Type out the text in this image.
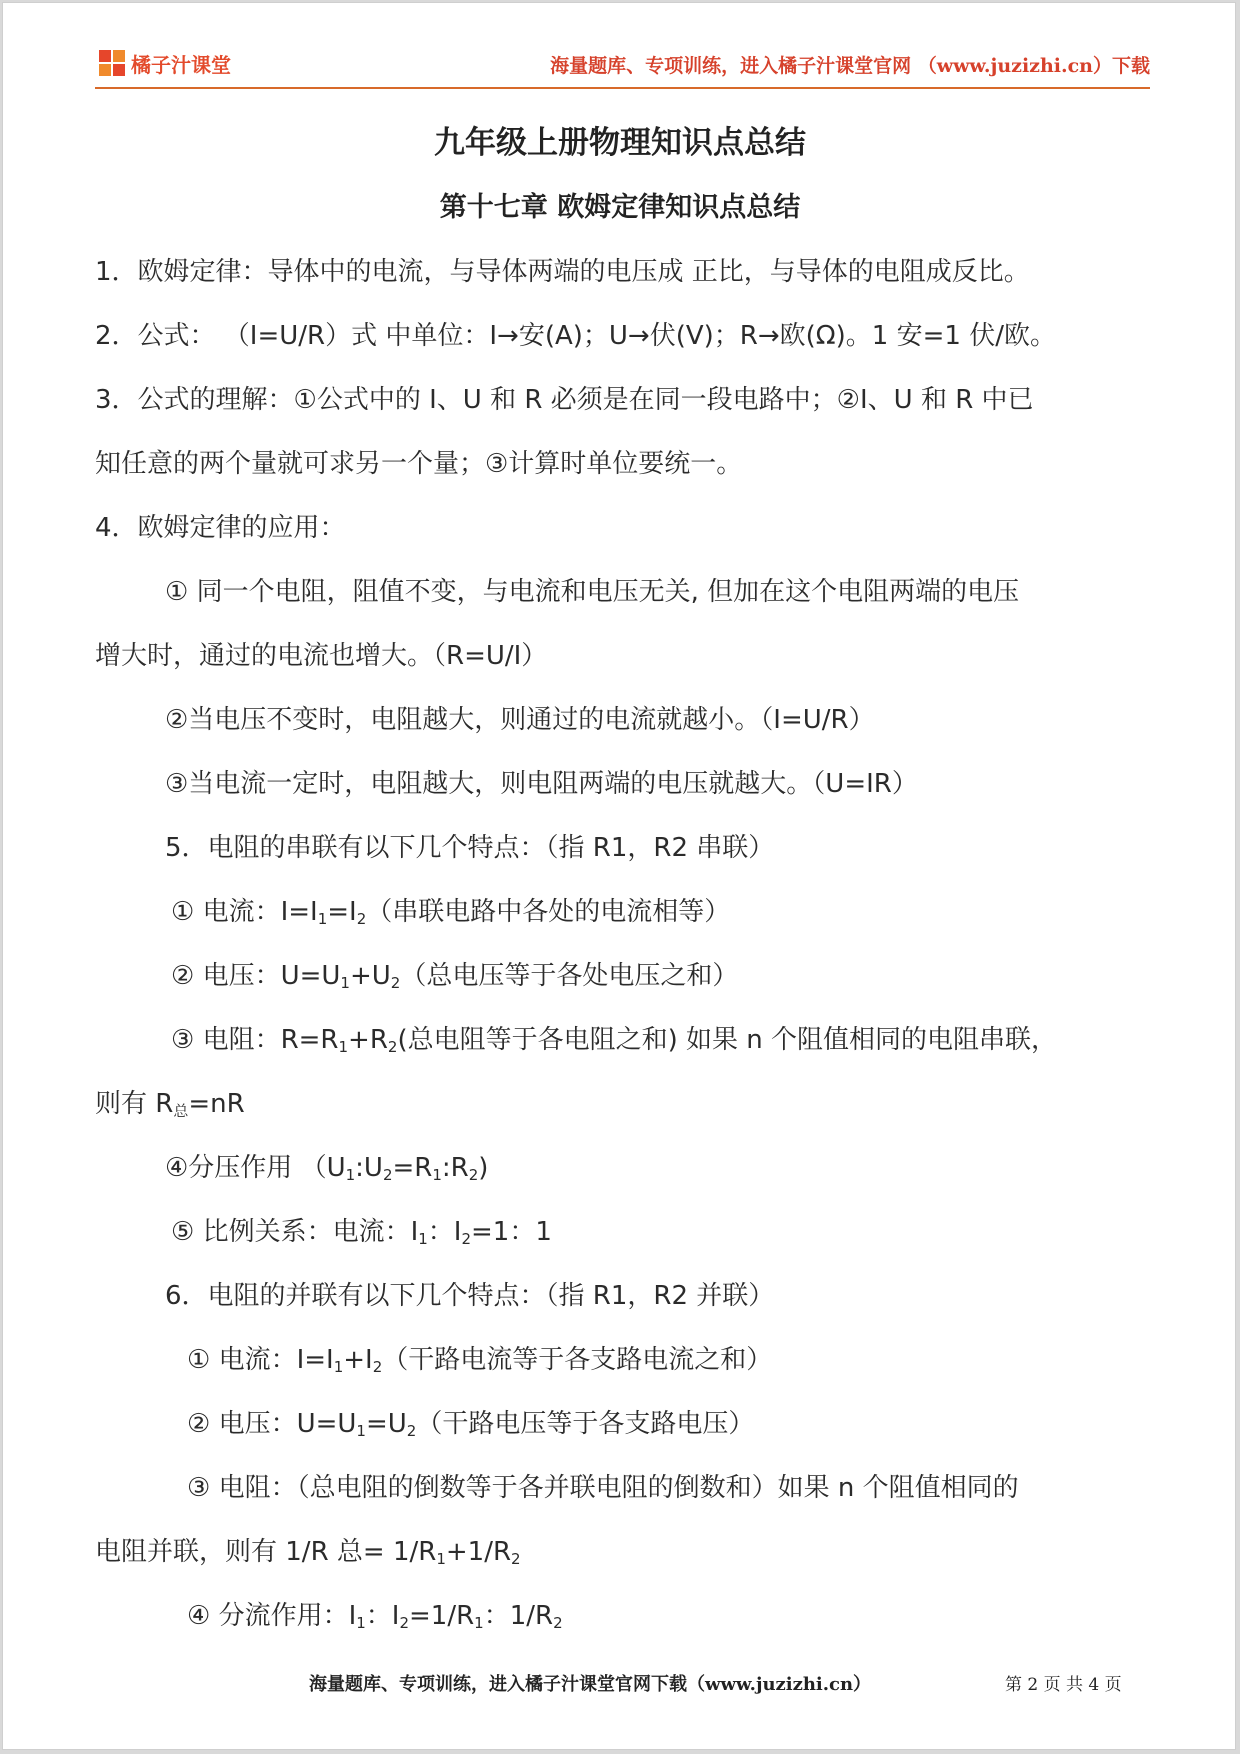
橘子汁课堂	海量题库、专项训练，进入橘子汁课堂官网 （www.juzizhi.cn）下载
九年级上册物理知识点总结
第十七章 欧姆定律知识点总结
1．欧姆定律：导体中的电流，与导体两端的电压成 正比，与导体的电阻成反比。
2．公式： （I=U/R）式 中单位：I→安(A)；U→伏(V)；R→欧(Ω)。1 安=1 伏/欧。
3．公式的理解：①公式中的 I、U 和 R 必须是在同一段电路中；②I、U 和 R 中已
知任意的两个量就可求另一个量；③计算时单位要统一。
4．欧姆定律的应用：
① 同一个电阻，阻值不变，与电流和电压无关, 但加在这个电阻两端的电压
增大时，通过的电流也增大。（R=U/I）
②当电压不变时，电阻越大，则通过的电流就越小。（I=U/R）
③当电流一定时，电阻越大，则电阻两端的电压就越大。（U=IR）
5．电阻的串联有以下几个特点：（指 R1，R2 串联）
① 电流：$I=I_1=I_2$（串联电路中各处的电流相等）
② 电压：$U=U_1+U_2$（总电压等于各处电压之和）
③ 电阻：$R=R_1+R_2$(总电阻等于各电阻之和) 如果 n 个阻值相同的电阻串联，
则有 $R_总=nR$
④分压作用 $(U_1:U_2=R_1:R_2)$
⑤ 比例关系：电流：$I_1$：$I_2=1$：1
6．电阻的并联有以下几个特点：（指 R1，R2 并联）
① 电流：$I=I_1+I_2$（干路电流等于各支路电流之和）
② 电压：$U=U_1=U_2$（干路电压等于各支路电压）
③ 电阻：（总电阻的倒数等于各并联电阻的倒数和）如果 n 个阻值相同的
电阻并联，则有 1/R 总= $1/R_1+1/R_2$
④ 分流作用：$I_1$：$I_2=1/R_1$：$1/R_2$
海量题库、专项训练，进入橘子汁课堂官网下载（www.juzizhi.cn）	第 2 页 共 4 页
